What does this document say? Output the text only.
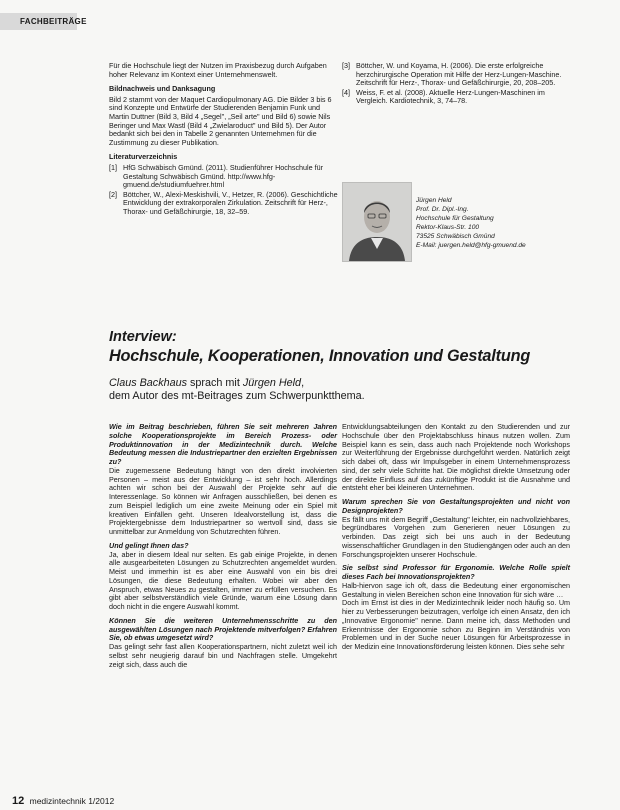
FACHBEITRÄGE

Für die Hochschule liegt der Nutzen im Praxisbezug durch Aufgaben hoher Relevanz im Kontext einer Unternehmenswelt.

Bildnachweis und Danksagung

Bild 2 stammt von der Maquet Cardiopulmonary AG. Die Bilder 3 bis 6 sind Konzepte und Entwürfe der Studierenden Benjamin Funk und Martin Duttner (Bild 3, Bild 4 „Segel", „Seil arte" und Bild 6) sowie Nils Beringer und Max Wastl (Bild 4 „Zwielaroduct" und Bild 5). Der Autor bedankt sich bei den in Tabelle 2 genannten Unternehmen für die Zustimmung zu dieser Publikation.

Literaturverzeichnis
[1] HfG Schwäbisch Gmünd. (2011). Studienführer Hochschule für Gestaltung Schwäbisch Gmünd. http://www.hfg-gmuend.de/studiumfuehrer.html
[2] Böttcher, W., Alexi-Meskishvili, V., Hetzer, R. (2006). Geschichtliche Entwicklung der extrakorporalen Zirkulation. Zeitschrift für Herz-, Thorax- und Gefäßchirurgie, 18, 32–59.
[3] Böttcher, W. und Koyama, H. (2006). Die erste erfolgreiche herzchirurgische Operation mit Hilfe der Herz-Lungen-Maschine. Zeitschrift für Herz-, Thorax- und Gefäßchirurgie, 20, 208–205.
[4] Weiss, F. et al. (2008). Aktuelle Herz-Lungen-Maschinen im Vergleich. Kardiotechnik, 3, 74–78.
Jürgen Held
Prof. Dr. Dipl.-Ing.
Hochschule für Gestaltung
Rektor-Klaus-Str. 100
73525 Schwäbisch Gmünd
E-Mail: juergen.held@hfg-gmuend.de
Interview:
Hochschule, Kooperationen, Innovation und Gestaltung
Claus Backhaus sprach mit Jürgen Held,
dem Autor des mt-Beitrages zum Schwerpunktthema.

Wie im Beitrag beschrieben, führen Sie seit mehreren Jahren solche Kooperationsprojekte im Bereich Prozess- oder Produktinnovation in der Medizintechnik durch. Welche Bedeutung messen die Industriepartner den erzielten Ergebnissen zu?
Die zugemessene Bedeutung hängt von den direkt involvierten Personen – meist aus der Entwicklung – ist sehr hoch. Allerdings achten wir schon bei der Auswahl der Projekte sehr auf die Interessenlage. So können wir Anfragen ausschließen, bei denen es zum Beispiel lediglich um eine zweite Meinung oder ein Spiel mit kreativen Einfällen geht. Unseren Idealvorstellung ist, dass die Projektergebnisse dem Industriepartner so wertvoll sind, dass sie unmittelbar zur Anmeldung von Schutzrechten führen.

Und gelingt Ihnen das?
Ja, aber in diesem Ideal nur selten. Es gab einige Projekte, in denen alle ausgearbeiteten Lösungen zu Schutzrechten angemeldet wurden. Meist und immerhin ist es aber eine Auswahl von ein bis drei Lösungen, die diese Bedeutung erhalten. Wobei wir aber den Anspruch, etwas Neues zu gestalten, immer zu erfüllen versuchen. Es gibt aber selbstverständlich viele Gründe, warum eine Lösung dann doch nicht in die engere Auswahl kommt.

Können Sie die weiteren Unternehmensschritte zu den ausgewählten Lösungen nach Projektende mitverfolgen? Erfahren Sie, ob etwas umgesetzt wird?
Das gelingt sehr fast allen Kooperationspartnern, nicht zuletzt weil ich selbst sehr neugierig darauf bin und Nachfragen stelle. Umgekehrt zeigt sich, dass auch die

Entwicklungsabteilungen den Kontakt zu den Studierenden und zur Hochschule über den Projektabschluss hinaus nutzen wollen. Zum Beispiel kann es sein, dass auch nach Projektende noch Workshops zur Weiterführung der Ergebnisse durchgeführt werden. Natürlich zeigt sich dabei oft, dass wir Impulsgeber in einem Unternehmensprozess sind, der sehr viele Schritte hat. Die möglichst direkte Umsetzung oder der direkte Einfluss auf das zukünftige Produkt ist die Ausnahme und entsteht eher bei kleineren Unternehmen.

Warum sprechen Sie von Gestaltungsprojekten und nicht von Designprojekten?
Es fällt uns mit dem Begriff „Gestaltung" leichter, ein nachvollziehbares, begründbares Vorgehen zum Generieren neuer Lösungen zu verbinden. Das zeigt sich bei uns auch in der Bedeutung wissenschaftlicher Grundlagen in den Studiengängen oder auch an den Forschungsprojekten unserer Hochschule.

Sie selbst sind Professor für Ergonomie. Welche Rolle spielt dieses Fach bei Innovationsprojekten?
Halb-hiervon sage ich oft, dass die Bedeutung einer ergonomischen Gestaltung in vielen Bereichen schon eine Innovation für sich wäre …
Doch im Ernst ist dies in der Medizintechnik leider noch häufig so. Um hier zu Verbesserungen beizutragen, verfolge ich einen Ansatz, den ich „Innovative Ergonomie" nenne. Dann meine ich, dass Methoden und Erkenntnisse der Ergonomie schon zu Beginn im Verständnis von Problemen und in der Suche neuer Lösungen für Arbeitsprozesse in der Medizin eine Innovationsförderung leisten können. Dies sehe sehr

12 medizintechnik 1/2012
